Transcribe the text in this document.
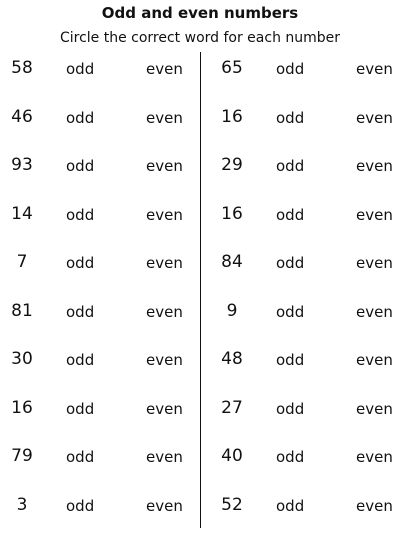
Odd and even numbers
Circle the correct word for each number
58	odd	even
46	odd	even
93	odd	even
14	odd	even
7	odd	even
81	odd	even
30	odd	even
16	odd	even
79	odd	even
3	odd	even
65	odd	even
16	odd	even
29	odd	even
16	odd	even
84	odd	even
9	odd	even
48	odd	even
27	odd	even
40	odd	even
52	odd	even
